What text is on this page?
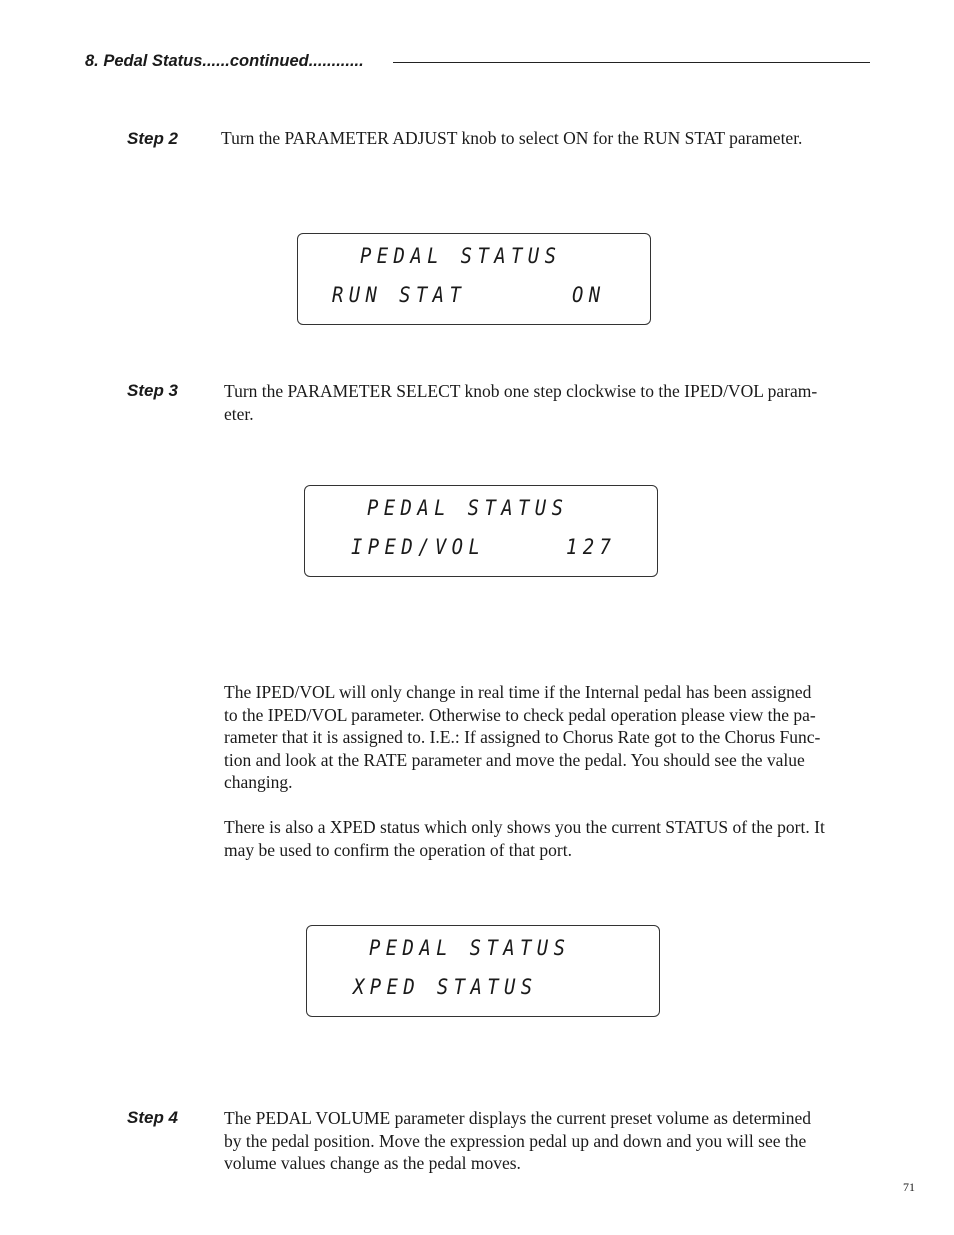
8. Pedal Status......continued............
Step 2 Turn the PARAMETER ADJUST knob to select ON for the RUN STAT parameter.
PEDAL STATUS
RUN STAT	ON
Step 3	Turn the PARAMETER SELECT knob one step clockwise to the IPED/VOL param-
eter.
PEDAL STATUS
IPED/VOL	127
The IPED/VOL will only change in real time if the Internal pedal has been assigned
to the IPED/VOL parameter. Otherwise to check pedal operation please view the pa-
rameter that it is assigned to. I.E.: If assigned to Chorus Rate got to the Chorus Func-
tion and look at the RATE parameter and move the pedal. You should see the value
changing.
There is also a XPED status which only shows you the current STATUS of the port. It
may be used to confirm the operation of that port.
PEDAL STATUS
XPED STATUS
Step 4	The PEDAL VOLUME parameter displays the current preset volume as determined
by the pedal position. Move the expression pedal up and down and you will see the
volume values change as the pedal moves.
71
